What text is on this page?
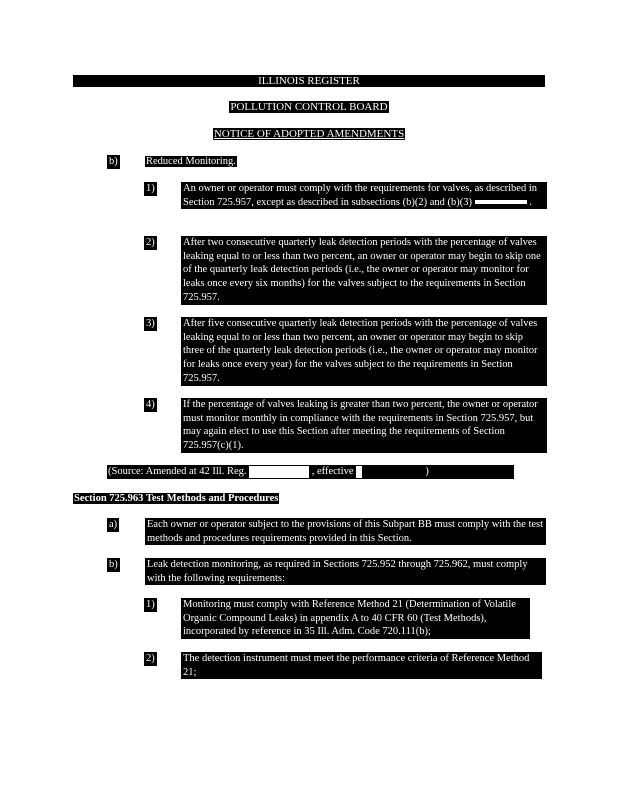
ILLINOIS REGISTER
POLLUTION CONTROL BOARD
NOTICE OF ADOPTED AMENDMENTS
b)	Reduced Monitoring.
1)	An owner or operator must comply with the requirements for valves, as described in Section 725.957, except as described in subsections (b)(2) and (b)(3)	.
2)	After two consecutive quarterly leak detection periods with the percentage of valves leaking equal to or less than two percent, an owner or operator may begin to skip one of the quarterly leak detection periods (i.e., the owner or operator may monitor for leaks once every six months) for the valves subject to the requirements in Section 725.957.
3)	After five consecutive quarterly leak detection periods with the percentage of valves leaking equal to or less than two percent, an owner or operator may begin to skip three of the quarterly leak detection periods (i.e., the owner or operator may monitor for leaks once every year) for the valves subject to the requirements in Section 725.957.
4)	If the percentage of valves leaking is greater than two percent, the owner or operator must monitor monthly in compliance with the requirements in Section 725.957, but may again elect to use this Section after meeting the requirements of Section 725.957(c)(1).
(Source: Amended at 42 Ill. Reg.	, effective	)
Section 725.963 Test Methods and Procedures
a)	Each owner or operator subject to the provisions of this Subpart BB must comply with the test methods and procedures requirements provided in this Section.
b)	Leak detection monitoring, as required in Sections 725.952 through 725.962, must comply with the following requirements:
1)	Monitoring must comply with Reference Method 21 (Determination of Volatile Organic Compound Leaks) in appendix A to 40 CFR 60 (Test Methods), incorporated by reference in 35 Ill. Adm. Code 720.111(b);
2)	The detection instrument must meet the performance criteria of Reference Method 21;
